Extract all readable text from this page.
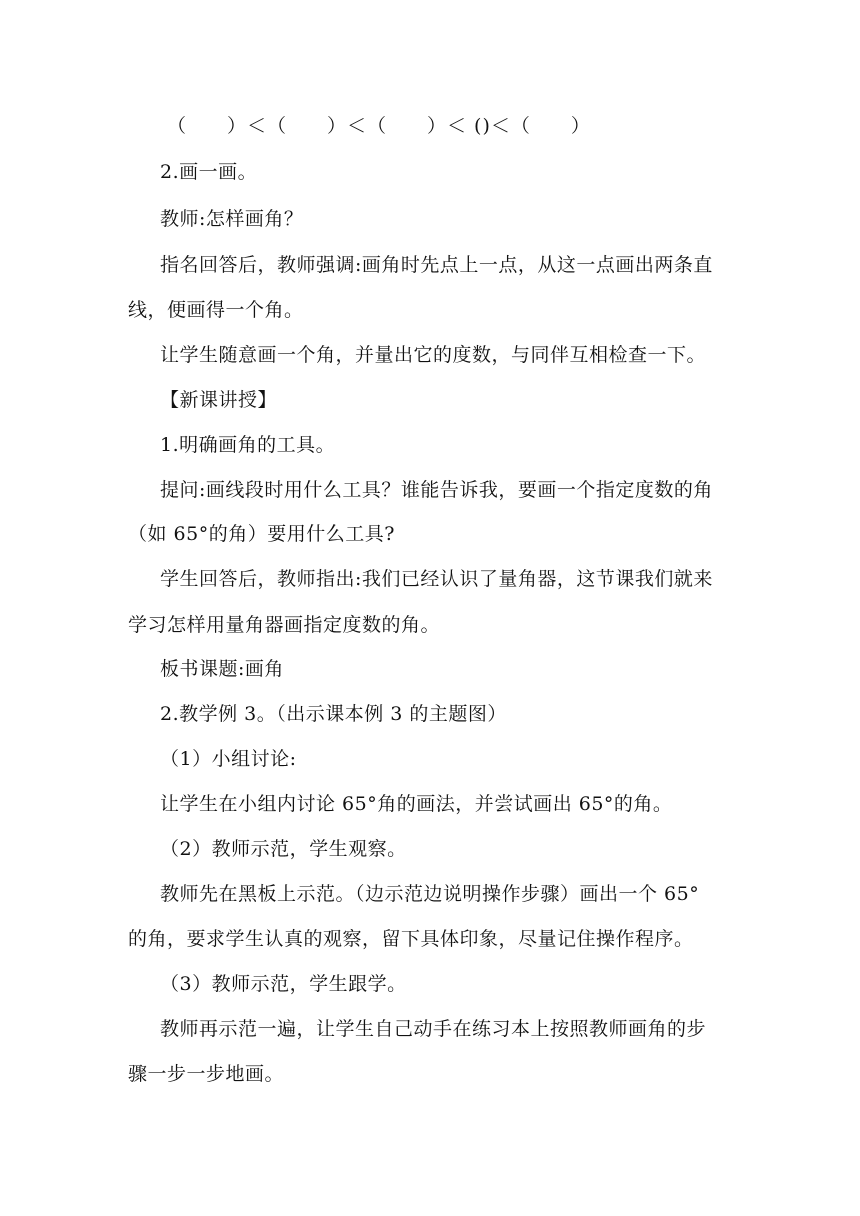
（　　）＜（　　）＜（　　）＜ ()＜（　　）
2.画一画。
教师:怎样画角？
指名回答后，教师强调:画角时先点上一点，从这一点画出两条直
线，便画得一个角。
让学生随意画一个角，并量出它的度数，与同伴互相检查一下。
【新课讲授】
1.明确画角的工具。
提问:画线段时用什么工具？谁能告诉我，要画一个指定度数的角
（如 65°的角）要用什么工具?
学生回答后，教师指出:我们已经认识了量角器，这节课我们就来
学习怎样用量角器画指定度数的角。
板书课题:画角
2.教学例 3。（出示课本例 3 的主题图）
（1）小组讨论:
让学生在小组内讨论 65°角的画法，并尝试画出 65°的角。
（2）教师示范，学生观察。
教师先在黑板上示范。（边示范边说明操作步骤）画出一个 65°
的角，要求学生认真的观察，留下具体印象，尽量记住操作程序。
（3）教师示范，学生跟学。
教师再示范一遍，让学生自己动手在练习本上按照教师画角的步
骤一步一步地画。
